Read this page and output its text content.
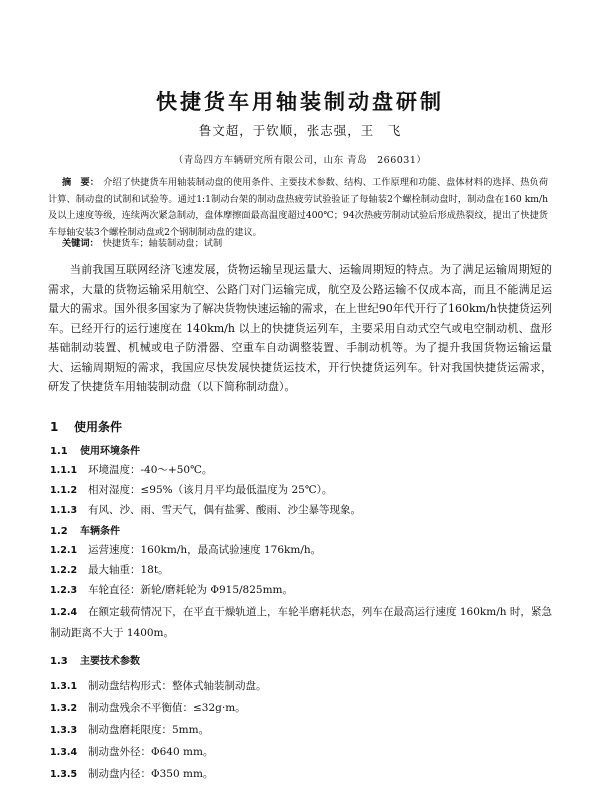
快捷货车用轴装制动盘研制
鲁文超，于钦顺，张志强，王　飞
（青岛四方车辆研究所有限公司，山东 青岛　266031）
摘　要： 介绍了快捷货车用轴装制动盘的使用条件、主要技术参数、结构、工作原理和功能、盘体材料的选择、热负荷计算、制动盘的试制和试验等。通过1:1制动台架的制动盘热疲劳试验验证了每轴装2个螺栓制动盘时，制动盘在160 km/h及以上速度等级，连续两次紧急制动，盘体摩擦面最高温度超过400℃；94次热疲劳制动试验后形成热裂纹，提出了快捷货车每轴安装3个螺栓制动盘或2个钢制制动盘的建议。
关键词： 快捷货车；轴装制动盘；试制
当前我国互联网经济飞速发展，货物运输呈现运量大、运输周期短的特点。为了满足运输周期短的需求，大量的货物运输采用航空、公路门对门运输完成，航空及公路运输不仅成本高，而且不能满足运量大的需求。国外很多国家为了解决货物快速运输的需求，在上世纪90年代开行了160km/h快捷货运列车。已经开行的运行速度在 140km/h 以上的快捷货运列车，主要采用自动式空气或电空制动机、盘形基础制动装置、机械或电子防滑器、空重车自动调整装置、手制动机等。为了提升我国货物运输运量大、运输周期短的需求，我国应尽快发展快捷货运技术，开行快捷货运列车。针对我国快捷货运需求，研发了快捷货车用轴装制动盘（以下简称制动盘）。
1 使用条件
1.1 使用环境条件
1.1.1 环境温度：-40～+50℃。
1.1.2 相对湿度：≤95%（该月月平均最低温度为 25℃）。
1.1.3 有风、沙、雨、雪天气，偶有盐雾、酸雨、沙尘暴等现象。
1.2 车辆条件
1.2.1 运营速度：160km/h，最高试验速度 176km/h。
1.2.2 最大轴重：18t。
1.2.3 车轮直径：新轮/磨耗轮为 Φ915/825mm。
1.2.4 在额定载荷情况下，在平直干燥轨道上，车轮半磨耗状态，列车在最高运行速度 160km/h 时，紧急制动距离不大于 1400m。
1.3 主要技术参数
1.3.1 制动盘结构形式：整体式轴装制动盘。
1.3.2 制动盘残余不平衡值：≤32g·m。
1.3.3 制动盘磨耗限度：5mm。
1.3.4 制动盘外径：Φ640 mm。
1.3.5 制动盘内径：Φ350 mm。
